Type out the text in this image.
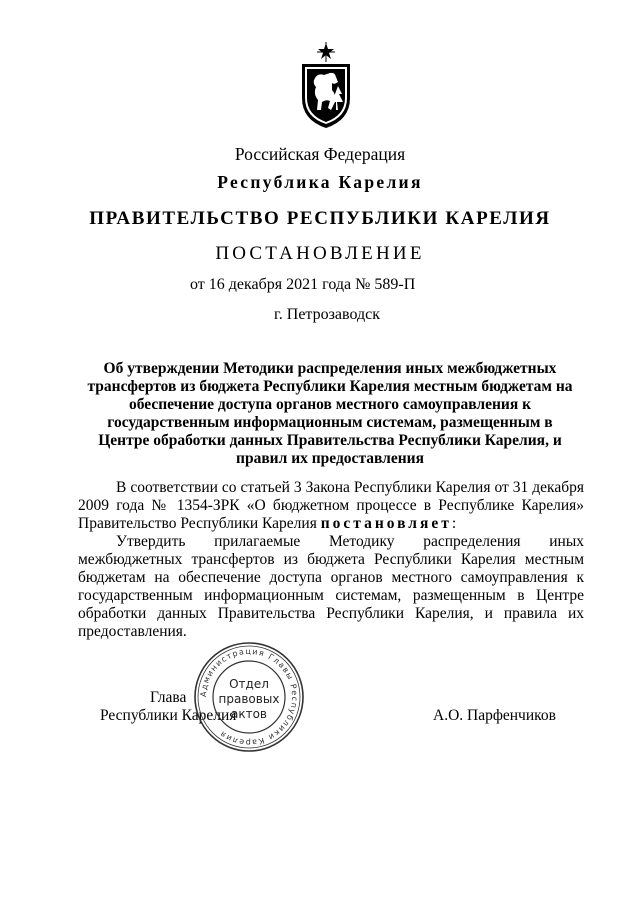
Российская Федерация
Республика Карелия
ПРАВИТЕЛЬСТВО РЕСПУБЛИКИ КАРЕЛИЯ
ПОСТАНОВЛЕНИЕ
от 16 декабря 2021 года № 589-П
г. Петрозаводск
Об утверждении Методики распределения иных межбюджетных трансфертов из бюджета Республики Карелия местным бюджетам на обеспечение доступа органов местного самоуправления к государственным информационным системам, размещенным в Центре обработки данных Правительства Республики Карелия, и правил их предоставления

В соответствии со статьей 3 Закона Республики Карелия от 31 декабря 2009 года № 1354-ЗРК «О бюджетном процессе в Республике Карелия» Правительство Республики Карелия постановляет:

Утвердить прилагаемые Методику распределения иных межбюджетных трансфертов из бюджета Республики Карелия местным бюджетам на обеспечение доступа органов местного самоуправления к государственным информационным системам, размещенным в Центре обработки данных Правительства Республики Карелия, и правила их предоставления.

Глава
Республики Карелия	А.О. Парфенчиков
Администрация Главы Республики Карелия
Отдел
правовых
актов
